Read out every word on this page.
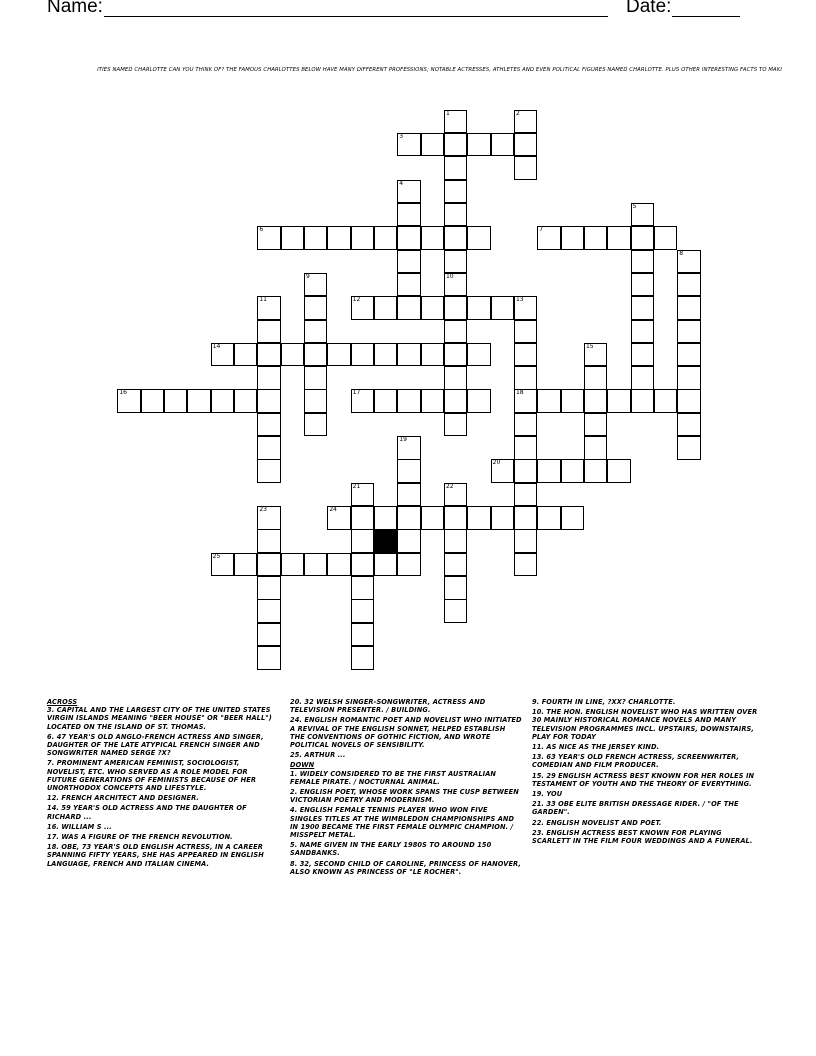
Name:	Date:
ITIES NAMED CHARLOTTE CAN YOU THINK OF? THE FAMOUS CHARLOTTES BELOW HAVE MANY DIFFERENT PROFESSIONS; NOTABLE ACTRESSES, ATHLETES AND EVEN POLITICAL FIGURES NAMED CHARLOTTE. PLUS OTHER INTERESTING FACTS TO MAKI
1	2
3
4
5
6	7
8
9	10
11	12	13
14	15
16	17	18
19
20
21	22
23	24
25
ACROSS
3. CAPITAL AND THE LARGEST CITY OF THE UNITED STATES VIRGIN ISLANDS MEANING "BEER HOUSE" OR "BEER HALL") LOCATED ON THE ISLAND OF ST. THOMAS.
6. 47 YEAR'S OLD ANGLO-FRENCH ACTRESS AND SINGER, DAUGHTER OF THE LATE ATYPICAL FRENCH SINGER AND SONGWRITER NAMED SERGE ?X?
7. PROMINENT AMERICAN FEMINIST, SOCIOLOGIST, NOVELIST, ETC. WHO SERVED AS A ROLE MODEL FOR FUTURE GENERATIONS OF FEMINISTS BECAUSE OF HER UNORTHODOX CONCEPTS AND LIFESTYLE.
12. FRENCH ARCHITECT AND DESIGNER.
14. 59 YEAR'S OLD ACTRESS AND THE DAUGHTER OF RICHARD ...
16. WILLIAM S ...
17. WAS A FIGURE OF THE FRENCH REVOLUTION.
18. OBE, 73 YEAR'S OLD ENGLISH ACTRESS, IN A CAREER SPANNING FIFTY YEARS, SHE HAS APPEARED IN ENGLISH LANGUAGE, FRENCH AND ITALIAN CINEMA.
20. 32 WELSH SINGER-SONGWRITER, ACTRESS AND TELEVISION PRESENTER. / BUILDING.
24. ENGLISH ROMANTIC POET AND NOVELIST WHO INITIATED A REVIVAL OF THE ENGLISH SONNET, HELPED ESTABLISH THE CONVENTIONS OF GOTHIC FICTION, AND WROTE POLITICAL NOVELS OF SENSIBILITY.
25. ARTHUR ...
DOWN
1. WIDELY CONSIDERED TO BE THE FIRST AUSTRALIAN FEMALE PIRATE. / NOCTURNAL ANIMAL.
2. ENGLISH POET, WHOSE WORK SPANS THE CUSP BETWEEN VICTORIAN POETRY AND MODERNISM.
4. ENGLISH FEMALE TENNIS PLAYER WHO WON FIVE SINGLES TITLES AT THE WIMBLEDON CHAMPIONSHIPS AND IN 1900 BECAME THE FIRST FEMALE OLYMPIC CHAMPION. / MISSPELT METAL.
5. NAME GIVEN IN THE EARLY 1980S TO AROUND 150 SANDBANKS.
8. 32, SECOND CHILD OF CAROLINE, PRINCESS OF HANOVER, ALSO KNOWN AS PRINCESS OF "LE ROCHER".
9. FOURTH IN LINE, ?XX? CHARLOTTE.
10. THE HON. ENGLISH NOVELIST WHO HAS WRITTEN OVER 30 MAINLY HISTORICAL ROMANCE NOVELS AND MANY TELEVISION PROGRAMMES INCL. UPSTAIRS, DOWNSTAIRS, PLAY FOR TODAY
11. AS NICE AS THE JERSEY KIND.
13. 63 YEAR'S OLD FRENCH ACTRESS, SCREENWRITER, COMEDIAN AND FILM PRODUCER.
15. 29 ENGLISH ACTRESS BEST KNOWN FOR HER ROLES IN TESTAMENT OF YOUTH AND THE THEORY OF EVERYTHING.
19. YOU
21. 33 OBE ELITE BRITISH DRESSAGE RIDER. / "OF THE GARDEN".
22. ENGLISH NOVELIST AND POET.
23. ENGLISH ACTRESS BEST KNOWN FOR PLAYING SCARLETT IN THE FILM FOUR WEDDINGS AND A FUNERAL.
